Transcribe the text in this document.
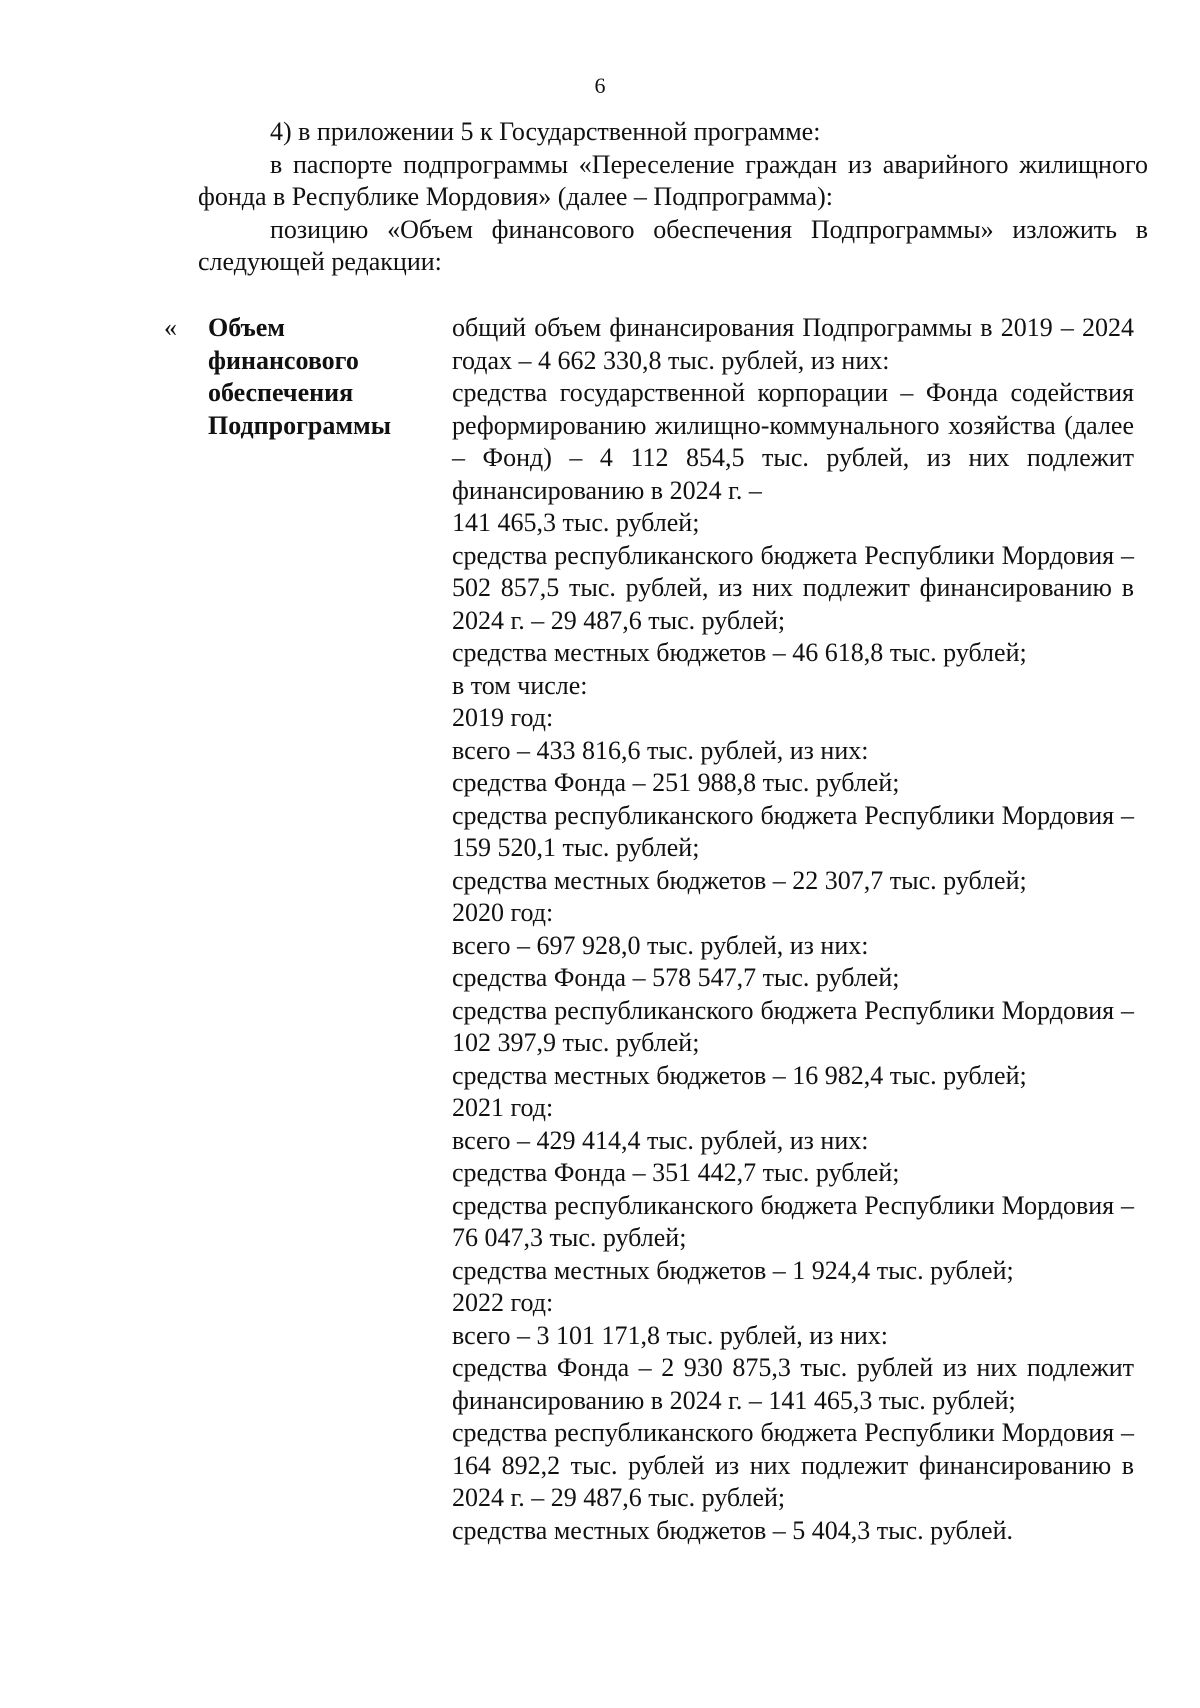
6

4) в приложении 5 к Государственной программе:

в паспорте подпрограммы «Переселение граждан из аварийного жилищного фонда в Республике Мордовия» (далее – Подпрограмма):

позицию «Объем финансового обеспечения Подпрограммы» изложить в следующей редакции:

« Объем
финансового
обеспечения
Подпрограммы

общий объем финансирования Подпрограммы в 2019 – 2024 годах – 4 662 330,8 тыс. рублей, из них:

средства государственной корпорации – Фонда содействия реформированию жилищно-коммунального хозяйства (далее – Фонд) – 4 112 854,5 тыс. рублей, из них подлежит финансированию в 2024 г. –

141 465,3 тыс. рублей;

средства республиканского бюджета Республики Мордовия – 502 857,5 тыс. рублей, из них подлежит финансированию в 2024 г. – 29 487,6 тыс. рублей;

средства местных бюджетов – 46 618,8 тыс. рублей;

в том числе:

2019 год:

всего – 433 816,6 тыс. рублей, из них:

средства Фонда – 251 988,8 тыс. рублей;

средства республиканского бюджета Республики Мордовия – 159 520,1 тыс. рублей;

средства местных бюджетов – 22 307,7 тыс. рублей;

2020 год:

всего – 697 928,0 тыс. рублей, из них:

средства Фонда – 578 547,7 тыс. рублей;

средства республиканского бюджета Республики Мордовия – 102 397,9 тыс. рублей;

средства местных бюджетов – 16 982,4 тыс. рублей;

2021 год:

всего – 429 414,4 тыс. рублей, из них:

средства Фонда – 351 442,7 тыс. рублей;

средства республиканского бюджета Республики Мордовия – 76 047,3 тыс. рублей;

средства местных бюджетов – 1 924,4 тыс. рублей;

2022 год:

всего – 3 101 171,8 тыс. рублей, из них:

средства Фонда – 2 930 875,3 тыс. рублей из них подлежит финансированию в 2024 г. – 141 465,3 тыс. рублей;

средства республиканского бюджета Республики Мордовия – 164 892,2 тыс. рублей из них подлежит финансированию в 2024 г. – 29 487,6 тыс. рублей;

средства местных бюджетов – 5 404,3 тыс. рублей.
